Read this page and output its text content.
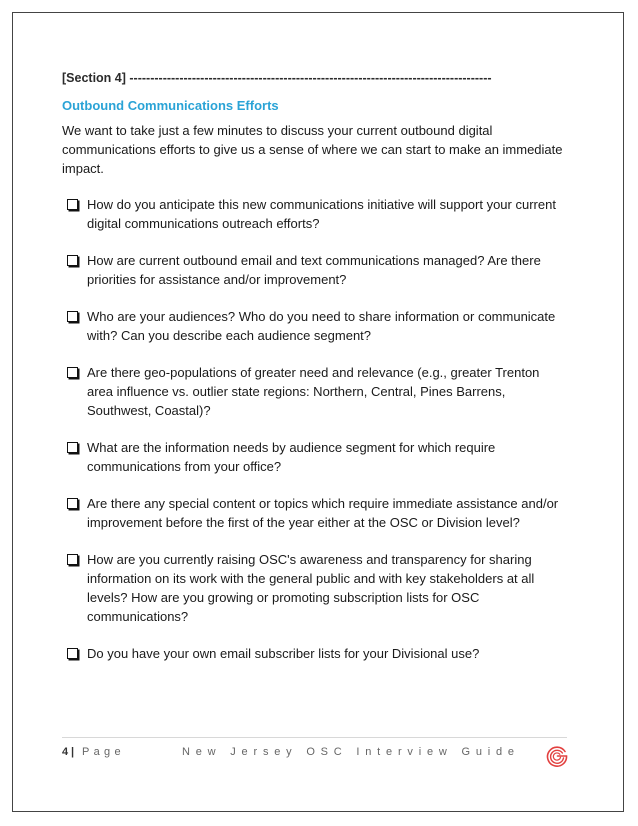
[Section 4] ---------------------------------------------------------------------------------------
Outbound Communications Efforts
We want to take just a few minutes to discuss your current outbound digital communications efforts to give us a sense of where we can start to make an immediate impact.
How do you anticipate this new communications initiative will support your current digital communications outreach efforts?
How are current outbound email and text communications managed? Are there priorities for assistance and/or improvement?
Who are your audiences? Who do you need to share information or communicate with? Can you describe each audience segment?
Are there geo-populations of greater need and relevance (e.g., greater Trenton area influence vs. outlier state regions: Northern, Central, Pines Barrens, Southwest, Coastal)?
What are the information needs by audience segment for which require communications from your office?
Are there any special content or topics which require immediate assistance and/or improvement before the first of the year either at the OSC or Division level?
How are you currently raising OSC's awareness and transparency for sharing information on its work with the general public and with key stakeholders at all levels? How are you growing or promoting subscription lists for OSC communications?
Do you have your own email subscriber lists for your Divisional use?
4 | Page	New Jersey OSC Interview Guide
